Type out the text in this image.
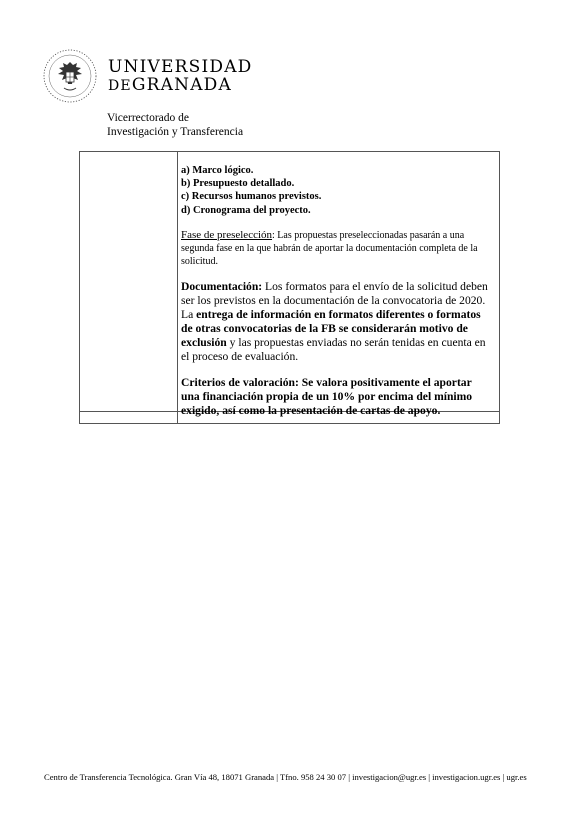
UNIVERSIDAD
DEGRANADA
Vicerrectorado de
Investigación y Transferencia
a) Marco lógico.
b) Presupuesto detallado.
c) Recursos humanos previstos.
d) Cronograma del proyecto.

Fase de preselección: Las propuestas preseleccionadas pasarán a una segunda fase en la que habrán de aportar la documentación completa de la solicitud.

Documentación: Los formatos para el envío de la solicitud deben ser los previstos en la documentación de la convocatoria de 2020. La entrega de información en formatos diferentes o formatos de otras convocatorias de la FB se considerarán motivo de exclusión y las propuestas enviadas no serán tenidas en cuenta en el proceso de evaluación.

Criterios de valoración: Se valora positivamente el aportar una financiación propia de un 10% por encima del mínimo exigido, así como la presentación de cartas de apoyo.

Centro de Transferencia Tecnológica. Gran Vía 48, 18071 Granada | Tfno. 958 24 30 07 | investigacion@ugr.es | investigacion.ugr.es | ugr.es
